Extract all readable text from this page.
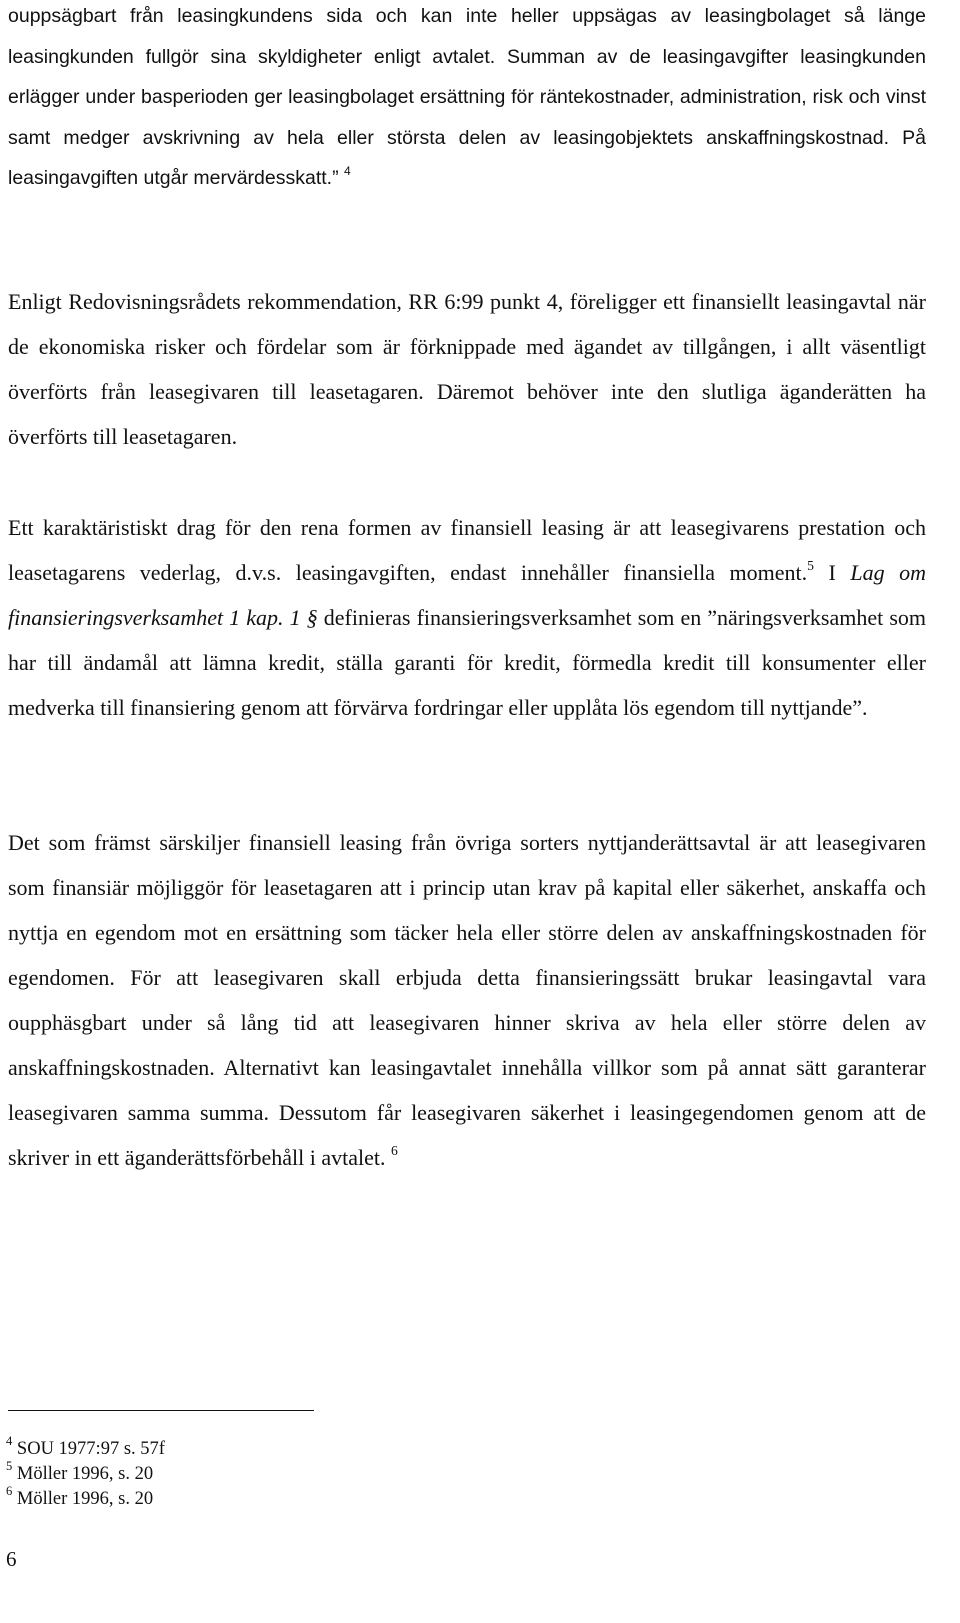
ouppsägbart från leasingkundens sida och kan inte heller uppsägas av leasingbolaget så länge leasingkunden fullgör sina skyldigheter enligt avtalet. Summan av de leasingavgifter leasingkunden erlägger under basperioden ger leasingbolaget ersättning för räntekostnader, administration, risk och vinst samt medger avskrivning av hela eller största delen av leasingobjektets anskaffningskostnad. På leasingavgiften utgår mervärdesskatt.” $^4$

Enligt Redovisningsrådets rekommendation, RR 6:99 punkt 4, föreligger ett finansiellt leasingavtal när de ekonomiska risker och fördelar som är förknippade med ägandet av tillgången, i allt väsentligt överförts från leasegivaren till leasetagaren. Däremot behöver inte den slutliga äganderätten ha överförts till leasetagaren.

Ett karaktäristiskt drag för den rena formen av finansiell leasing är att leasegivarens prestation och leasetagarens vederlag, d.v.s. leasingavgiften, endast innehåller finansiella moment.$^5$ I Lag om finansieringsverksamhet 1 kap. 1 § definieras finansieringsverksamhet som en ”näringsverksamhet som har till ändamål att lämna kredit, ställa garanti för kredit, förmedla kredit till konsumenter eller medverka till finansiering genom att förvärva fordringar eller upplåta lös egendom till nyttjande”.

Det som främst särskiljer finansiell leasing från övriga sorters nyttjanderättsavtal är att leasegivaren som finansiär möjliggör för leasetagaren att i princip utan krav på kapital eller säkerhet, anskaffa och nyttja en egendom mot en ersättning som täcker hela eller större delen av anskaffningskostnaden för egendomen. För att leasegivaren skall erbjuda detta finansieringssätt brukar leasingavtal vara oupphäsgbart under så lång tid att leasegivaren hinner skriva av hela eller större delen av anskaffningskostnaden. Alternativt kan leasingavtalet innehålla villkor som på annat sätt garanterar leasegivaren samma summa. Dessutom får leasegivaren säkerhet i leasingegendomen genom att de skriver in ett äganderättsförbehåll i avtalet. $^6$

$^4$ SOU 1977:97 s. 57f
$^5$ Möller 1996, s. 20
$^6$ Möller 1996, s. 20
6
